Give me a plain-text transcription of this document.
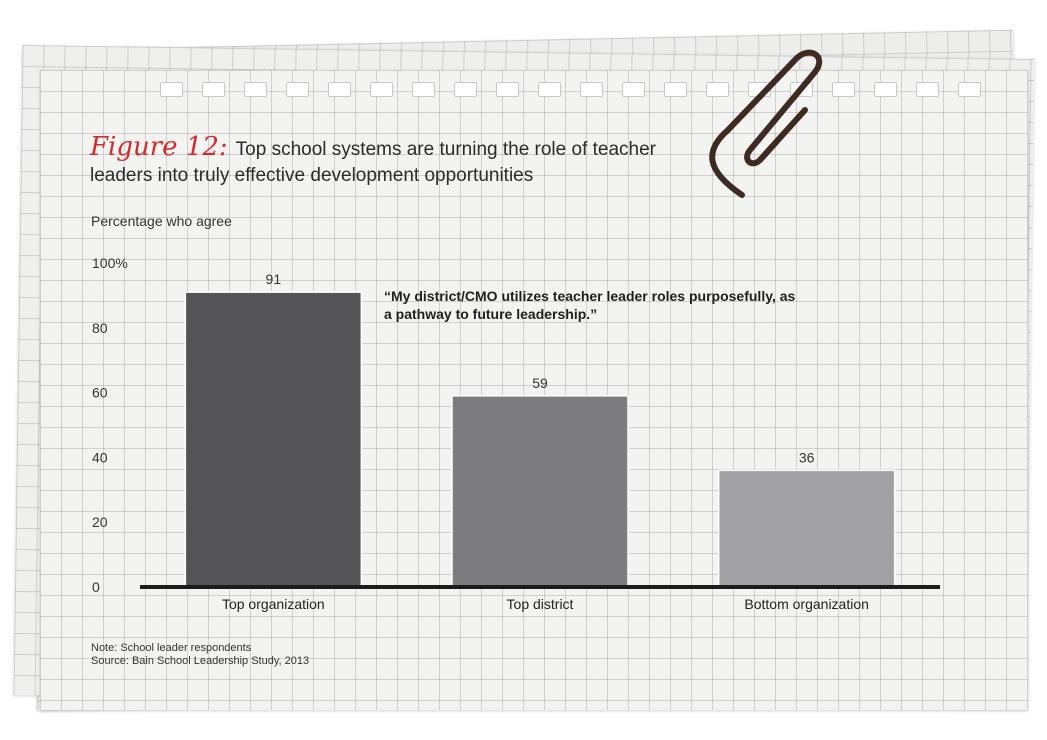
Figure 12: Top school systems are turning the role of teacher leaders into truly effective development opportunities
Percentage who agree
“My district/CMO utilizes teacher leader roles purposefully, as a pathway to future leadership.”
0
20
40
60
80
100%
91
Top organization
59
Top district
36
Bottom organization
Note: School leader respondents
Source: Bain School Leadership Study, 2013
